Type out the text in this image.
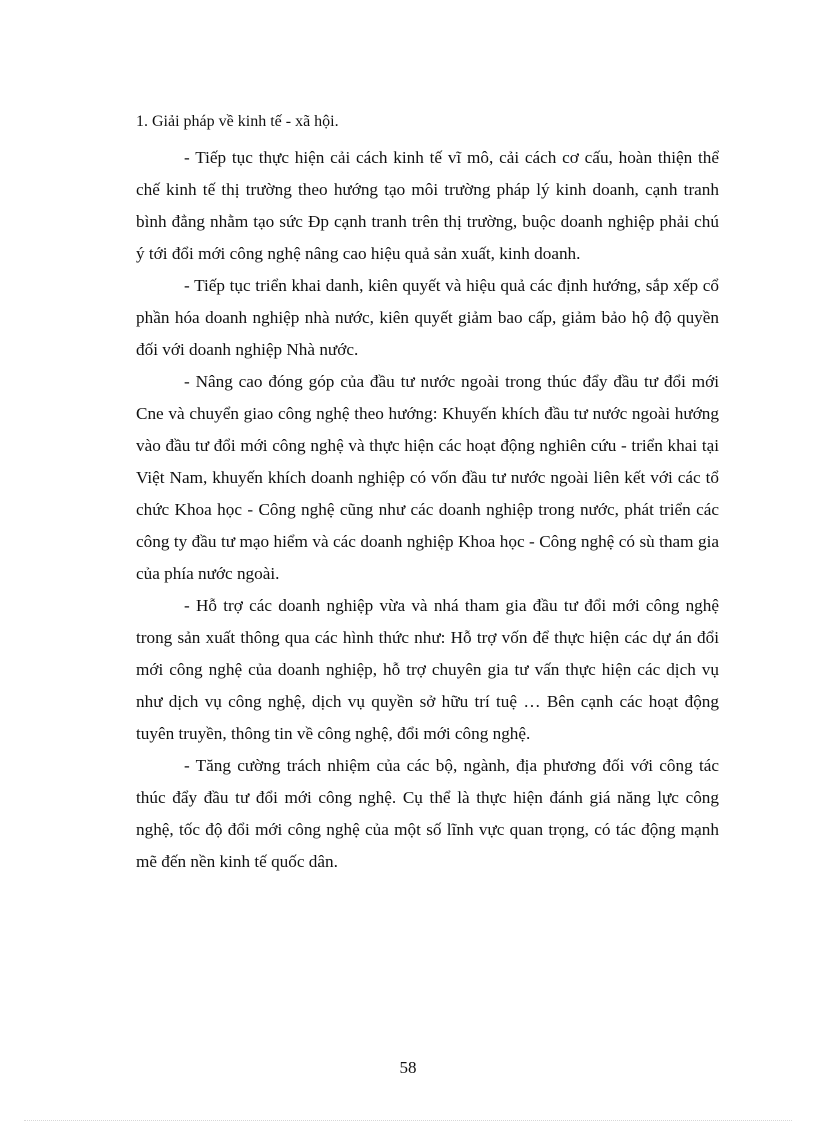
1. Giải pháp về kinh tế - xã hội.

- Tiếp tục thực hiện cải cách kinh tế vĩ mô, cải cách cơ cấu, hoàn thiện thể chế kinh tế thị trường theo hướng tạo môi trường pháp lý kinh doanh, cạnh tranh bình đẳng nhằm tạo sức Đp cạnh tranh trên thị trường, buộc doanh nghiệp phải chú ý tới đổi mới công nghệ nâng cao hiệu quả sản xuất, kinh doanh.

- Tiếp tục triển khai danh, kiên quyết và hiệu quả các định hướng, sắp xếp cổ phần hóa doanh nghiệp nhà nước, kiên quyết giảm bao cấp, giảm bảo hộ độ quyền đối với doanh nghiệp Nhà nước.

- Nâng cao đóng góp của đầu tư nước ngoài trong thúc đẩy đầu tư đổi mới Cne và chuyển giao công nghệ theo hướng: Khuyến khích đầu tư nước ngoài hướng vào đầu tư đổi mới công nghệ và thực hiện các hoạt động nghiên cứu - triển khai tại Việt Nam, khuyến khích doanh nghiệp có vốn đầu tư nước ngoài liên kết với các tổ chức Khoa học - Công nghệ cũng như các doanh nghiệp trong nước, phát triển các công ty đầu tư mạo hiểm và các doanh nghiệp Khoa học - Công nghệ có sù tham gia của phía nước ngoài.

- Hỗ trợ các doanh nghiệp vừa và nhá tham gia đầu tư đổi mới công nghệ trong sản xuất thông qua các hình thức như: Hỗ trợ vốn để thực hiện các dự án đổi mới công nghệ của doanh nghiệp, hỗ trợ chuyên gia tư vấn thực hiện các dịch vụ như dịch vụ công nghệ, dịch vụ quyền sở hữu trí tuệ … Bên cạnh các hoạt động tuyên truyền, thông tin về công nghệ, đổi mới công nghệ.

- Tăng cường trách nhiệm của các bộ, ngành, địa phương đối với công tác thúc đẩy đầu tư đổi mới công nghệ. Cụ thể là thực hiện đánh giá năng lực công nghệ, tốc độ đổi mới công nghệ của một số lĩnh vực quan trọng, có tác động mạnh mẽ đến nền kinh tế quốc dân.

58
